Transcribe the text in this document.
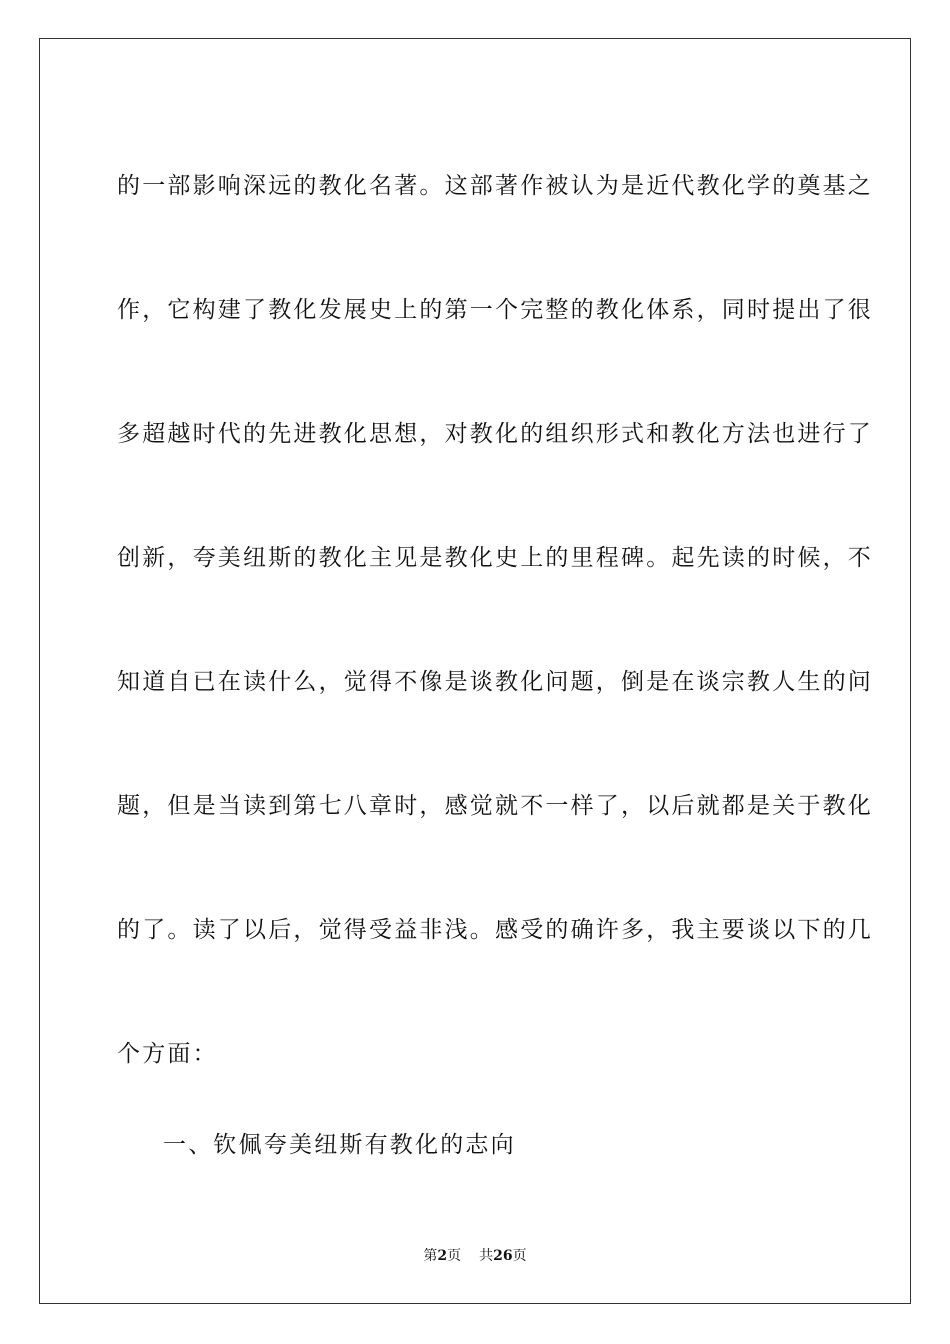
的一部影响深远的教化名著。这部著作被认为是近代教化学的奠基之
作，它构建了教化发展史上的第一个完整的教化体系，同时提出了很
多超越时代的先进教化思想，对教化的组织形式和教化方法也进行了
创新，夸美纽斯的教化主见是教化史上的里程碑。起先读的时候，不
知道自已在读什么，觉得不像是谈教化问题，倒是在谈宗教人生的问
题，但是当读到第七八章时，感觉就不一样了，以后就都是关于教化
的了。读了以后，觉得受益非浅。感受的确许多，我主要谈以下的几
个方面：
一、钦佩夸美纽斯有教化的志向
第2页 共26页
